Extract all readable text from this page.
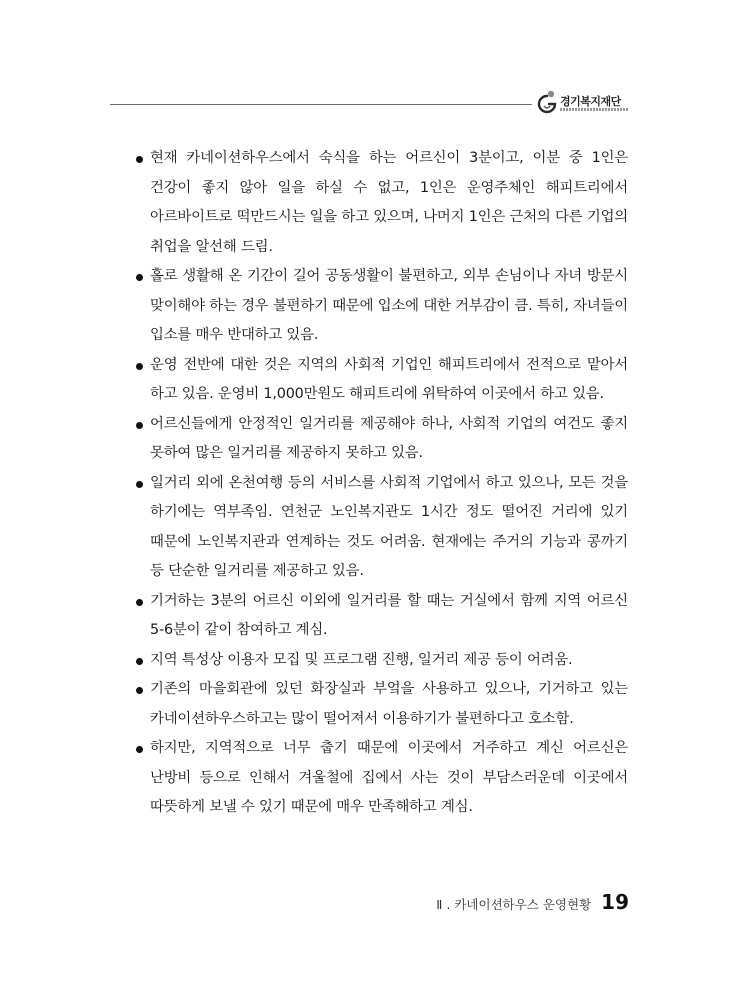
경기복지재단
현재 카네이션하우스에서 숙식을 하는 어르신이 3분이고, 이분 중 1인은 건강이 좋지 않아 일을 하실 수 없고, 1인은 운영주체인 해피트리에서 아르바이트로 떡만드시는 일을 하고 있으며, 나머지 1인은 근처의 다른 기업의 취업을 알선해 드림.
홀로 생활해 온 기간이 길어 공동생활이 불편하고, 외부 손님이나 자녀 방문시 맞이해야 하는 경우 불편하기 때문에 입소에 대한 거부감이 큼. 특히, 자녀들이 입소를 매우 반대하고 있음.
운영 전반에 대한 것은 지역의 사회적 기업인 해피트리에서 전적으로 맡아서 하고 있음. 운영비 1,000만원도 해피트리에 위탁하여 이곳에서 하고 있음.
어르신들에게 안정적인 일거리를 제공해야 하나, 사회적 기업의 여건도 좋지 못하여 많은 일거리를 제공하지 못하고 있음.
일거리 외에 온천여행 등의 서비스를 사회적 기업에서 하고 있으나, 모든 것을 하기에는 역부족임. 연천군 노인복지관도 1시간 정도 떨어진 거리에 있기 때문에 노인복지관과 연계하는 것도 어려움. 현재에는 주거의 기능과 콩까기 등 단순한 일거리를 제공하고 있음.
기거하는 3분의 어르신 이외에 일거리를 할 때는 거실에서 함께 지역 어르신 5-6분이 같이 참여하고 계심.
지역 특성상 이용자 모집 및 프로그램 진행, 일거리 제공 등이 어려움.
기존의 마을회관에 있던 화장실과 부엌을 사용하고 있으나, 기거하고 있는 카네이션하우스하고는 많이 떨어져서 이용하기가 불편하다고 호소함.
하지만, 지역적으로 너무 춥기 때문에 이곳에서 거주하고 계신 어르신은 난방비 등으로 인해서 겨울철에 집에서 사는 것이 부담스러운데 이곳에서 따뜻하게 보낼 수 있기 때문에 매우 만족해하고 계심.
Ⅱ . 카네이션하우스 운영현황 19
